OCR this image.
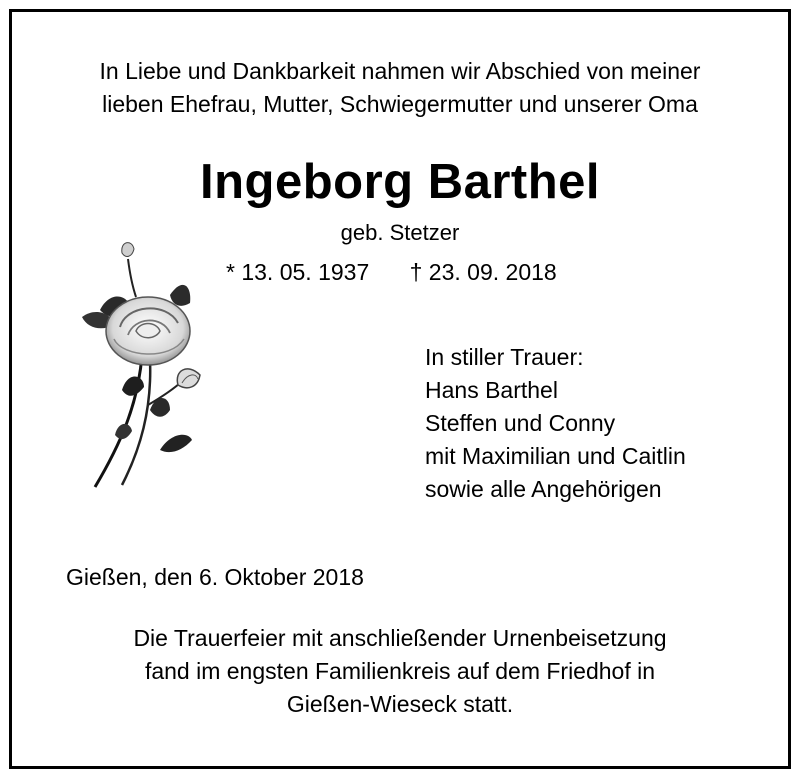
In Liebe und Dankbarkeit nahmen wir Abschied von meiner
lieben Ehefrau, Mutter, Schwiegermutter und unserer Oma
Ingeborg Barthel
geb. Stetzer
* 13. 05. 1937 † 23. 09. 2018
In stiller Trauer:
Hans Barthel
Steffen und Conny
mit Maximilian und Caitlin
sowie alle Angehörigen
Gießen, den 6. Oktober 2018
Die Trauerfeier mit anschließender Urnenbeisetzung
fand im engsten Familienkreis auf dem Friedhof in
Gießen-Wieseck statt.
